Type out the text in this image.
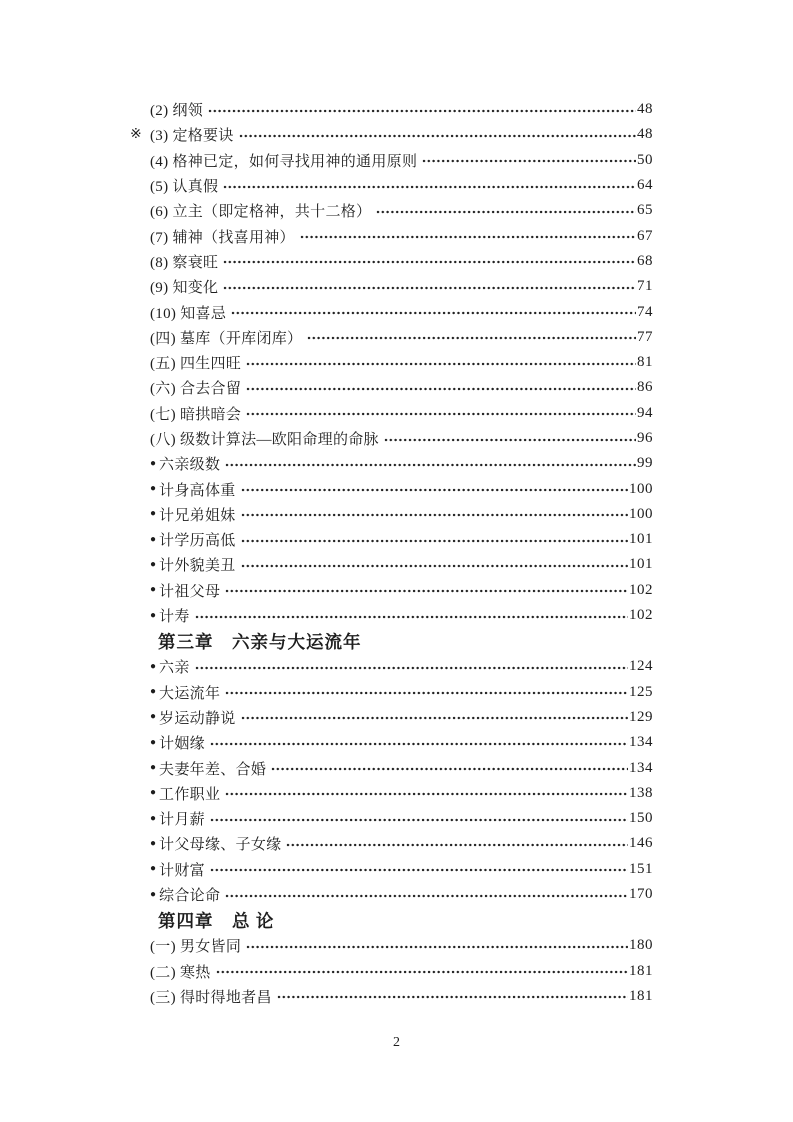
(2) 纲领	48
※ (3) 定格要诀	48
(4) 格神已定，如何寻找用神的通用原则	50
(5) 认真假	64
(6) 立主（即定格神，共十二格）	65
(7) 辅神（找喜用神）	67
(8) 察衰旺	68
(9) 知变化	71
(10) 知喜忌	74
(四) 墓库（开库闭库）	77
(五) 四生四旺	81
(六) 合去合留	86
(七) 暗拱暗会	94
(八) 级数计算法—欧阳命理的命脉	96
● 六亲级数	99
● 计身高体重	100
● 计兄弟姐妹	100
● 计学历高低	101
● 计外貌美丑	101
● 计祖父母	102
● 计寿	102
第三章　六亲与大运流年
● 六亲	124
● 大运流年	125
● 岁运动静说	129
● 计姻缘	134
● 夫妻年差、合婚	134
● 工作职业	138
● 计月薪	150
● 计父母缘、子女缘	146
● 计财富	151
● 综合论命	170
第四章　总 论
(一) 男女皆同	180
(二) 寒热	181
(三) 得时得地者昌	181
2
